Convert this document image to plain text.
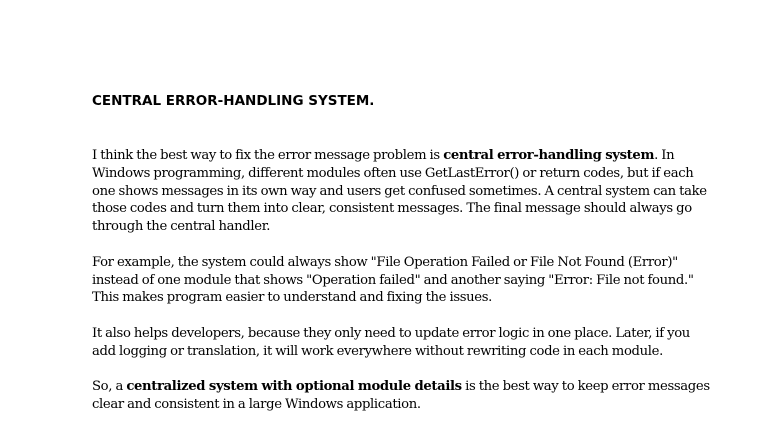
CENTRAL ERROR-HANDLING SYSTEM.

I think the best way to fix the error message problem is central error-handling system. In
Windows programming, different modules often use GetLastError() or return codes, but if each
one shows messages in its own way and users get confused sometimes. A central system can take
those codes and turn them into clear, consistent messages. The final message should always go
through the central handler.

For example, the system could always show "File Operation Failed or File Not Found (Error)"
instead of one module that shows "Operation failed" and another saying "Error: File not found."
This makes program easier to understand and fixing the issues.

It also helps developers, because they only need to update error logic in one place. Later, if you
add logging or translation, it will work everywhere without rewriting code in each module.

So, a centralized system with optional module details is the best way to keep error messages
clear and consistent in a large Windows application.
